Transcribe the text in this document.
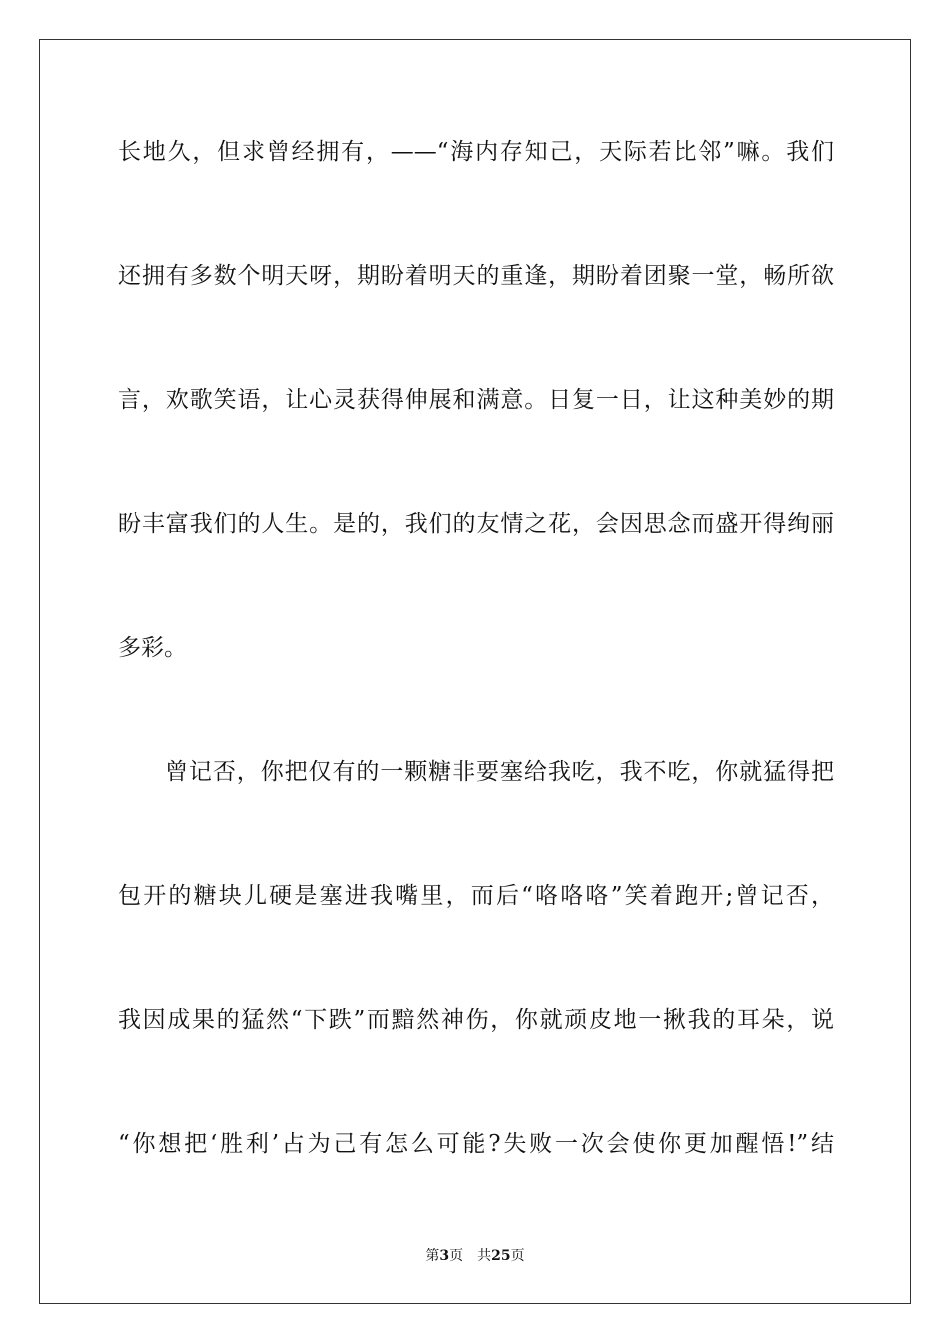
长地久，但求曾经拥有，——“海内存知己，天际若比邻”嘛。我们
还拥有多数个明天呀，期盼着明天的重逢，期盼着团聚一堂，畅所欲
言，欢歌笑语，让心灵获得伸展和满意。日复一日，让这种美妙的期
盼丰富我们的人生。是的，我们的友情之花，会因思念而盛开得绚丽
多彩。
曾记否，你把仅有的一颗糖非要塞给我吃，我不吃，你就猛得把
包开的糖块儿硬是塞进我嘴里，而后“咯咯咯”笑着跑开;曾记否，
我因成果的猛然“下跌”而黯然神伤，你就顽皮地一揪我的耳朵，说
“你想把‘胜利’占为己有怎么可能?失败一次会使你更加醒悟!”结
第3页 共25页
